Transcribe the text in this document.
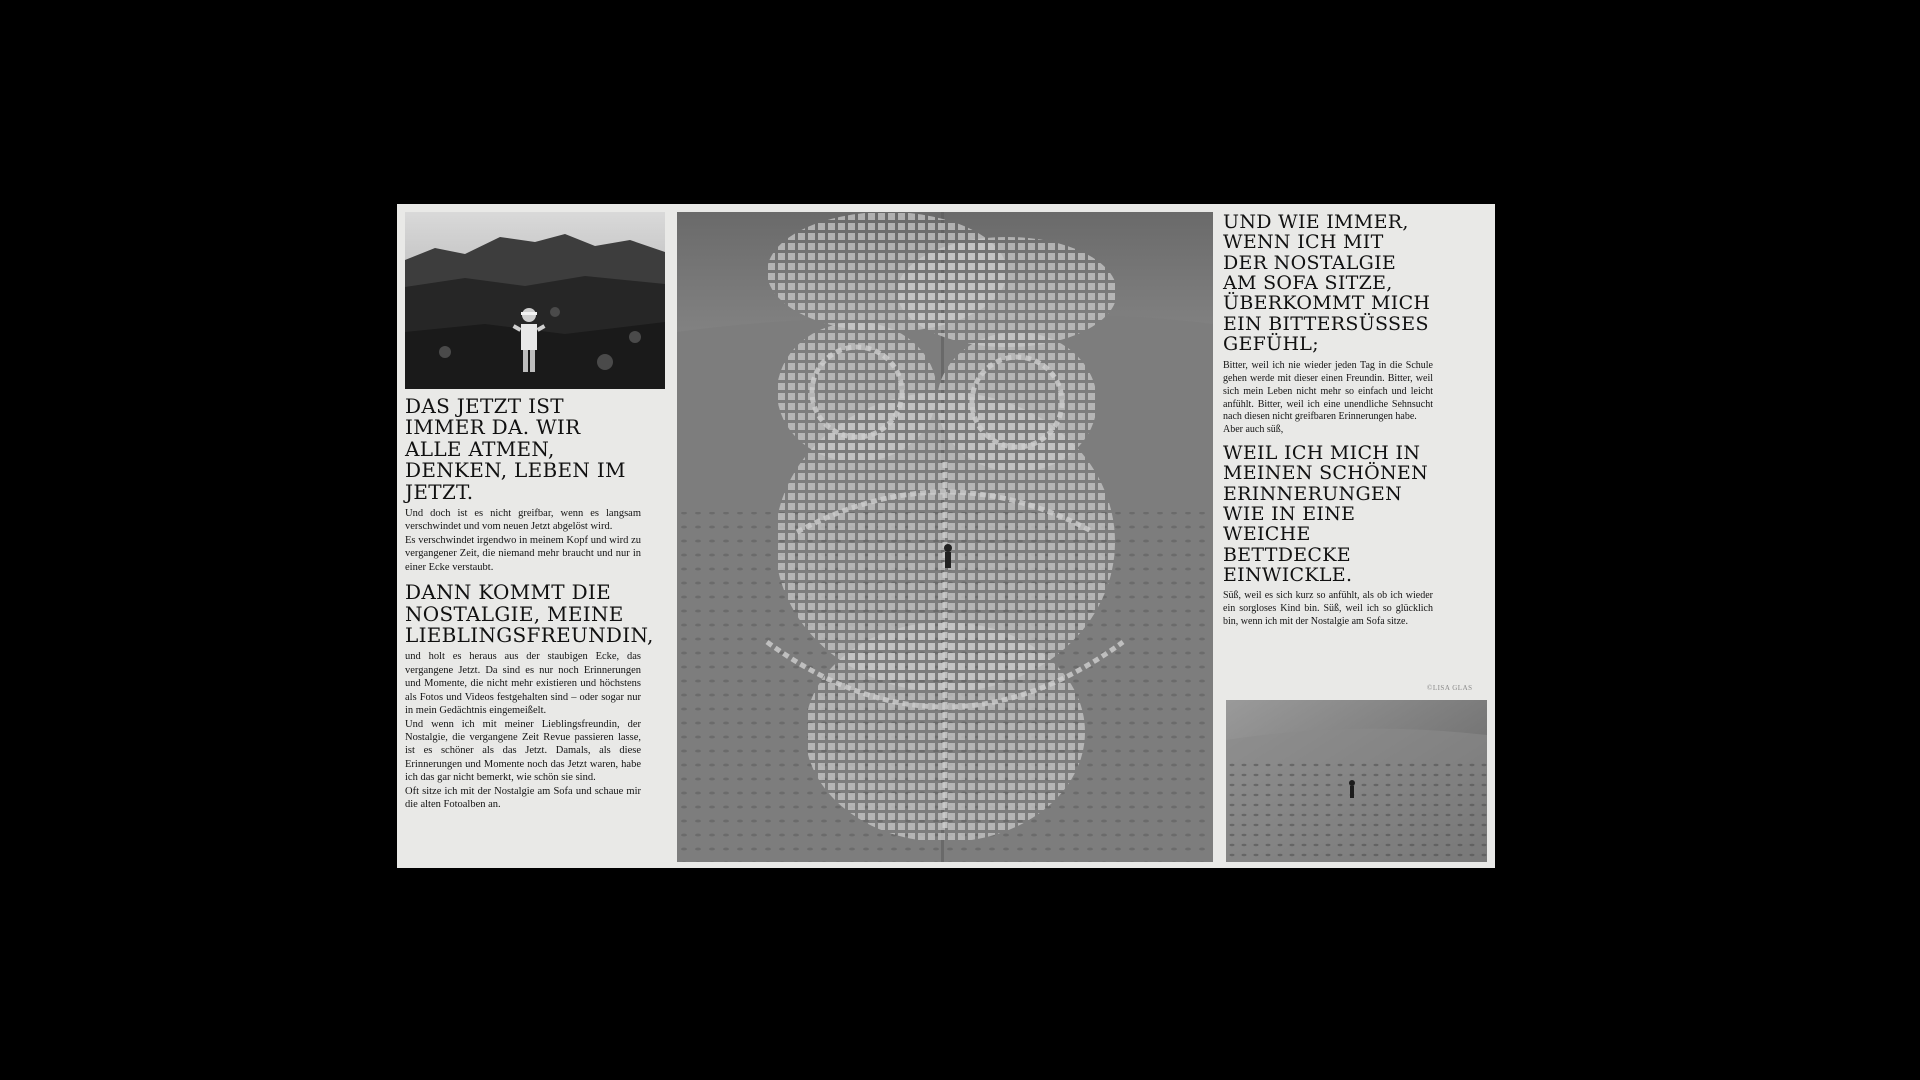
DAS JETZT IST IMMER DA. WIR ALLE ATMEN, DENKEN, LEBEN IM JETZT.

Und doch ist es nicht greifbar, wenn es langsam verschwindet und vom neuen Jetzt abgelöst wird.

Es verschwindet irgendwo in meinem Kopf und wird zu vergangener Zeit, die niemand mehr braucht und nur in einer Ecke verstaubt.

DANN KOMMT DIE NOSTALGIE, MEINE LIEBLINGSFREUNDIN,

und holt es heraus aus der staubigen Ecke, das vergangene Jetzt. Da sind es nur noch Erinnerungen und Momente, die nicht mehr existieren und höchstens als Fotos und Videos festgehalten sind – oder sogar nur in mein Gedächtnis eingemeißelt.

Und wenn ich mit meiner Lieblingsfreundin, der Nostalgie, die vergangene Zeit Revue passieren lasse, ist es schöner als das Jetzt. Damals, als diese Erinnerungen und Momente noch das Jetzt waren, habe ich das gar nicht bemerkt, wie schön sie sind.

Oft sitze ich mit der Nostalgie am Sofa und schaue mir die alten Fotoalben an.

UND WIE IMMER, WENN ICH MIT DER NOSTALGIE AM SOFA SITZE, ÜBERKOMMT MICH EIN BITTERSÜSSES GEFÜHL;

Bitter, weil ich nie wieder jeden Tag in die Schule gehen werde mit dieser einen Freundin. Bitter, weil sich mein Leben nicht mehr so einfach und leicht anfühlt. Bitter, weil ich eine unendliche Sehnsucht nach diesen nicht greifbaren Erinnerungen habe.

Aber auch süß,

WEIL ICH MICH IN MEINEN SCHÖNEN ERINNERUNGEN WIE IN EINE WEICHE BETTDECKE EINWICKLE.

Süß, weil es sich kurz so anfühlt, als ob ich wieder ein sorgloses Kind bin. Süß, weil ich so glücklich bin, wenn ich mit der Nostalgie am Sofa sitze.

©LISA GLAS
